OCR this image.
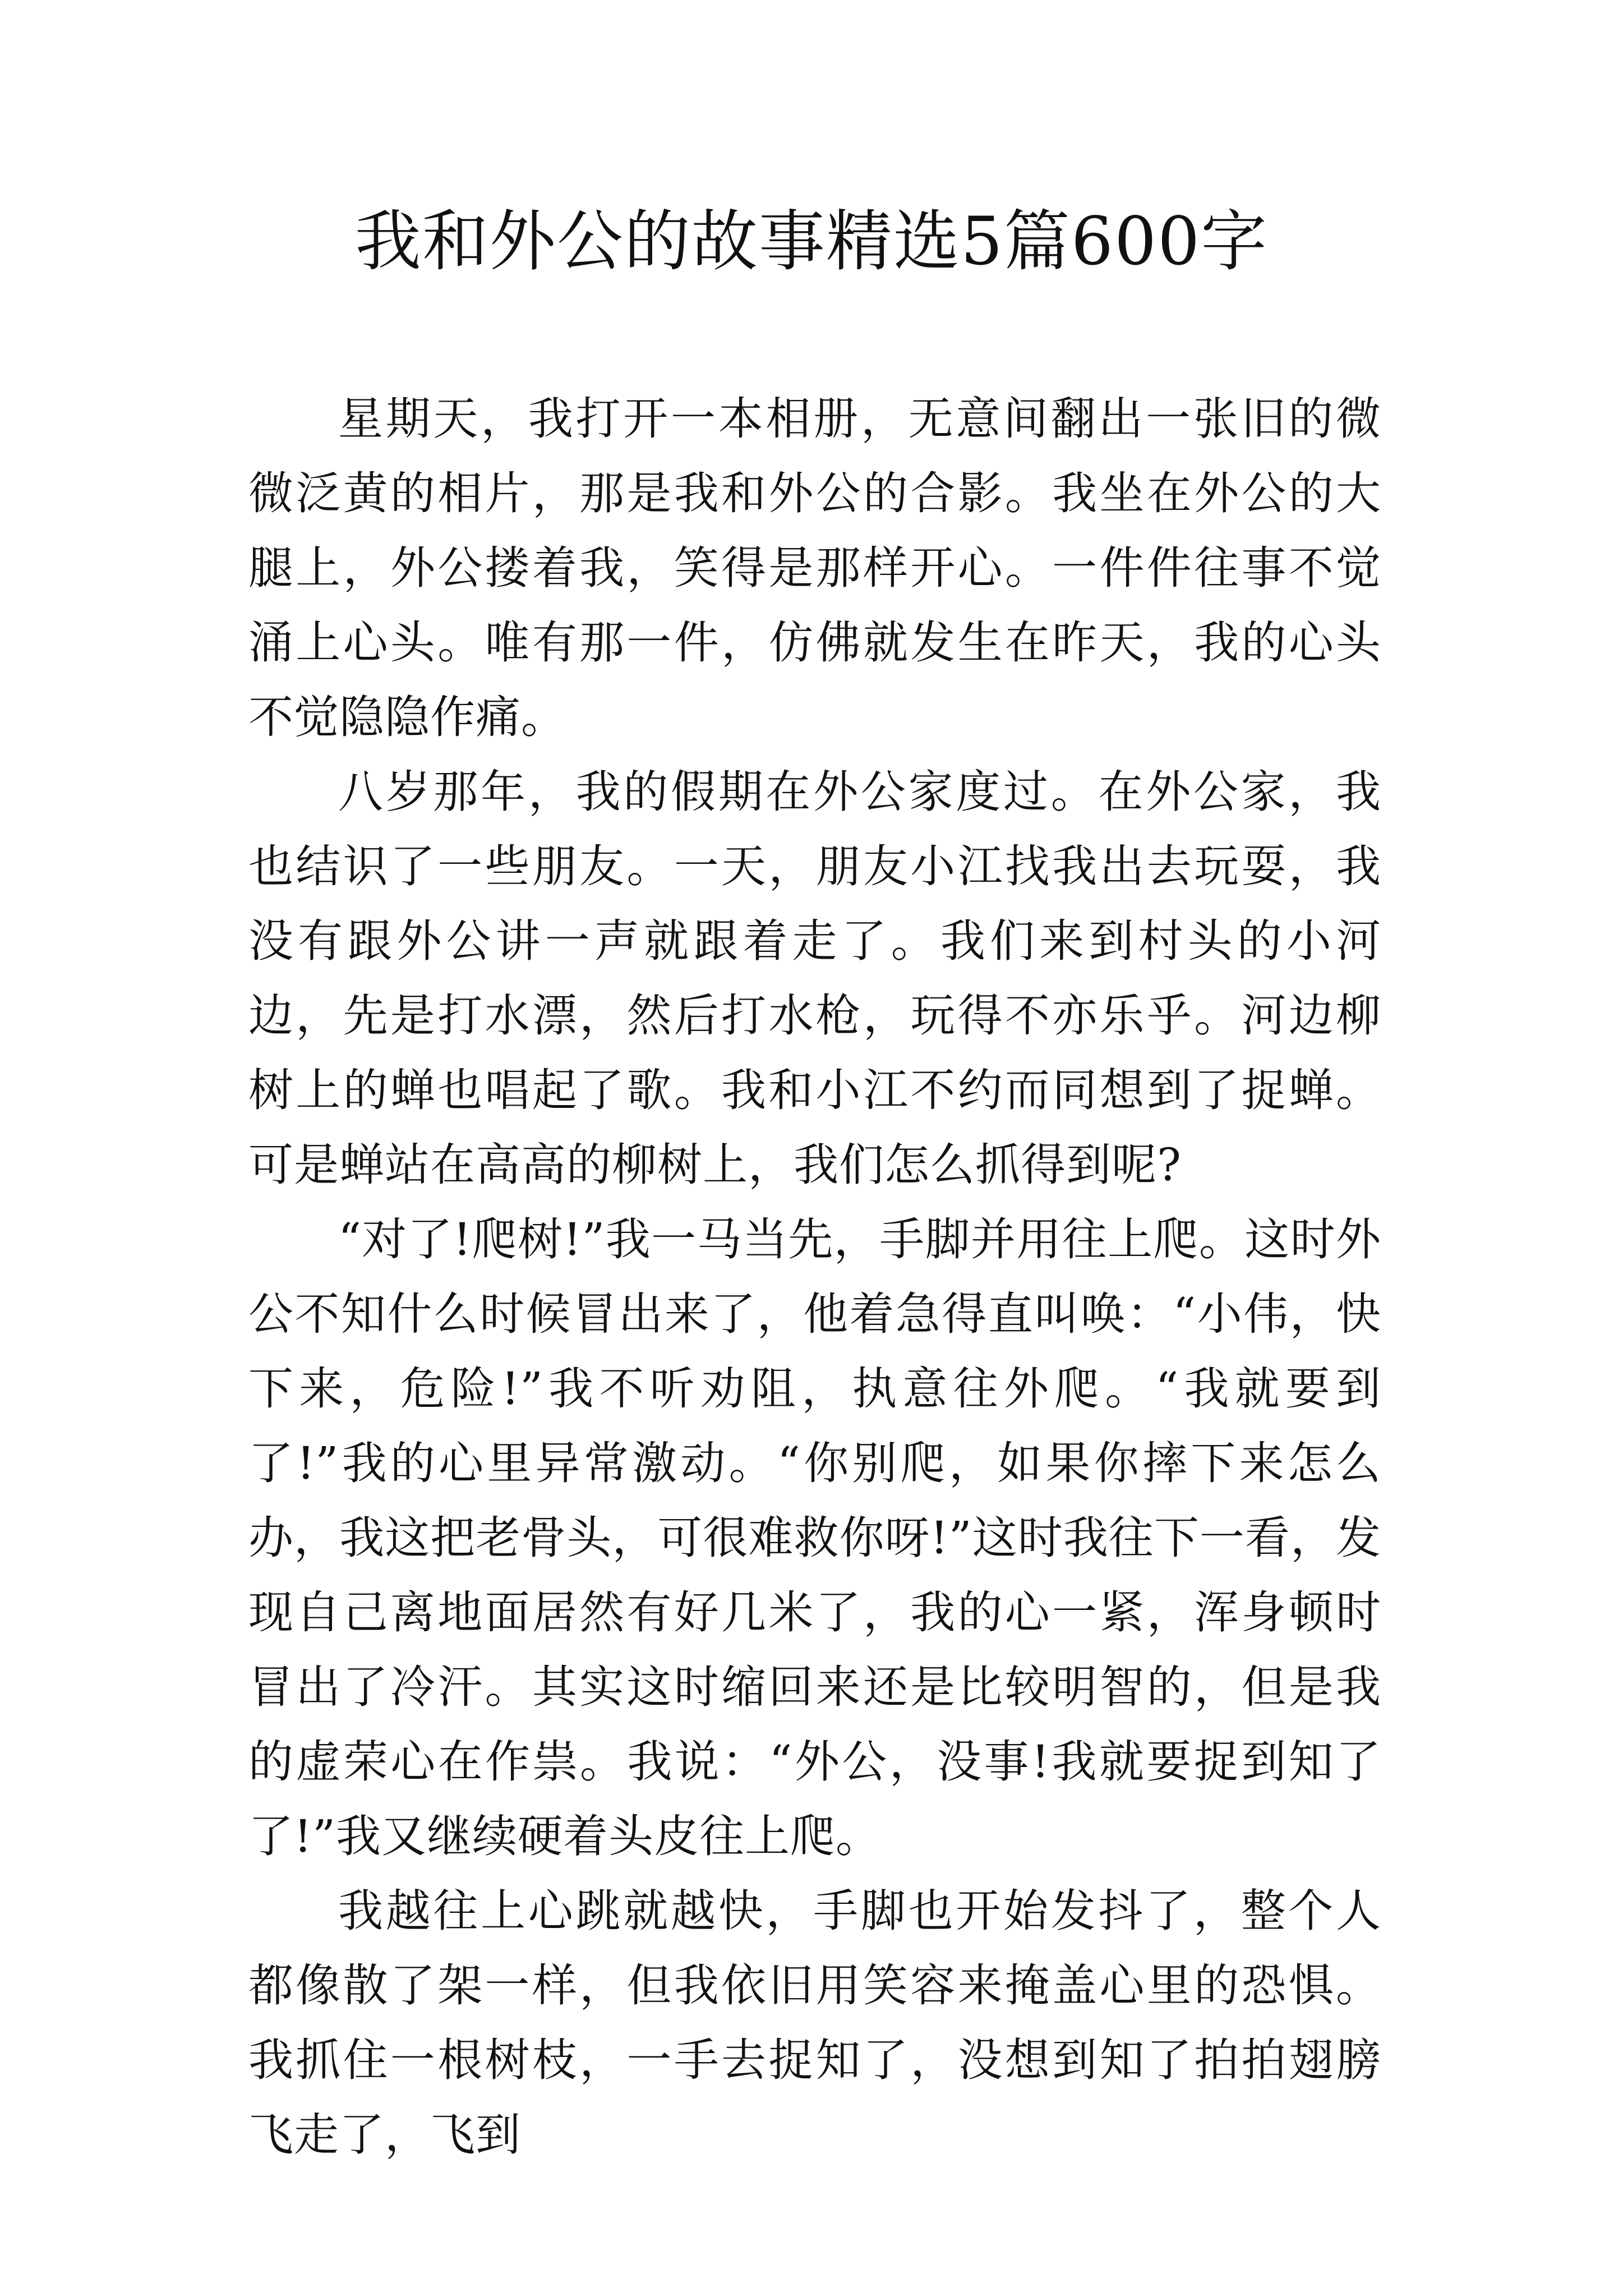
我和外公的故事精选5篇600字

星期天，我打开一本相册，无意间翻出一张旧的微微泛黄的相片，那是我和外公的合影。我坐在外公的大腿上，外公搂着我，笑得是那样开心。一件件往事不觉涌上心头。唯有那一件，仿佛就发生在昨天，我的心头不觉隐隐作痛。

八岁那年，我的假期在外公家度过。在外公家，我也结识了一些朋友。一天，朋友小江找我出去玩耍，我没有跟外公讲一声就跟着走了。我们来到村头的小河边，先是打水漂，然后打水枪，玩得不亦乐乎。河边柳树上的蝉也唱起了歌。我和小江不约而同想到了捉蝉。可是蝉站在高高的柳树上，我们怎么抓得到呢?

“对了!爬树!”我一马当先，手脚并用往上爬。这时外公不知什么时候冒出来了，他着急得直叫唤：“小伟，快下来，危险!”我不听劝阻，执意往外爬。“我就要到了!”我的心里异常激动。“你别爬，如果你摔下来怎么办，我这把老骨头，可很难救你呀!”这时我往下一看，发现自己离地面居然有好几米了，我的心一紧，浑身顿时冒出了冷汗。其实这时缩回来还是比较明智的，但是我的虚荣心在作祟。我说：“外公，没事!我就要捉到知了了!”我又继续硬着头皮往上爬。

我越往上心跳就越快，手脚也开始发抖了，整个人都像散了架一样，但我依旧用笑容来掩盖心里的恐惧。我抓住一根树枝，一手去捉知了，没想到知了拍拍翅膀飞走了，飞到
